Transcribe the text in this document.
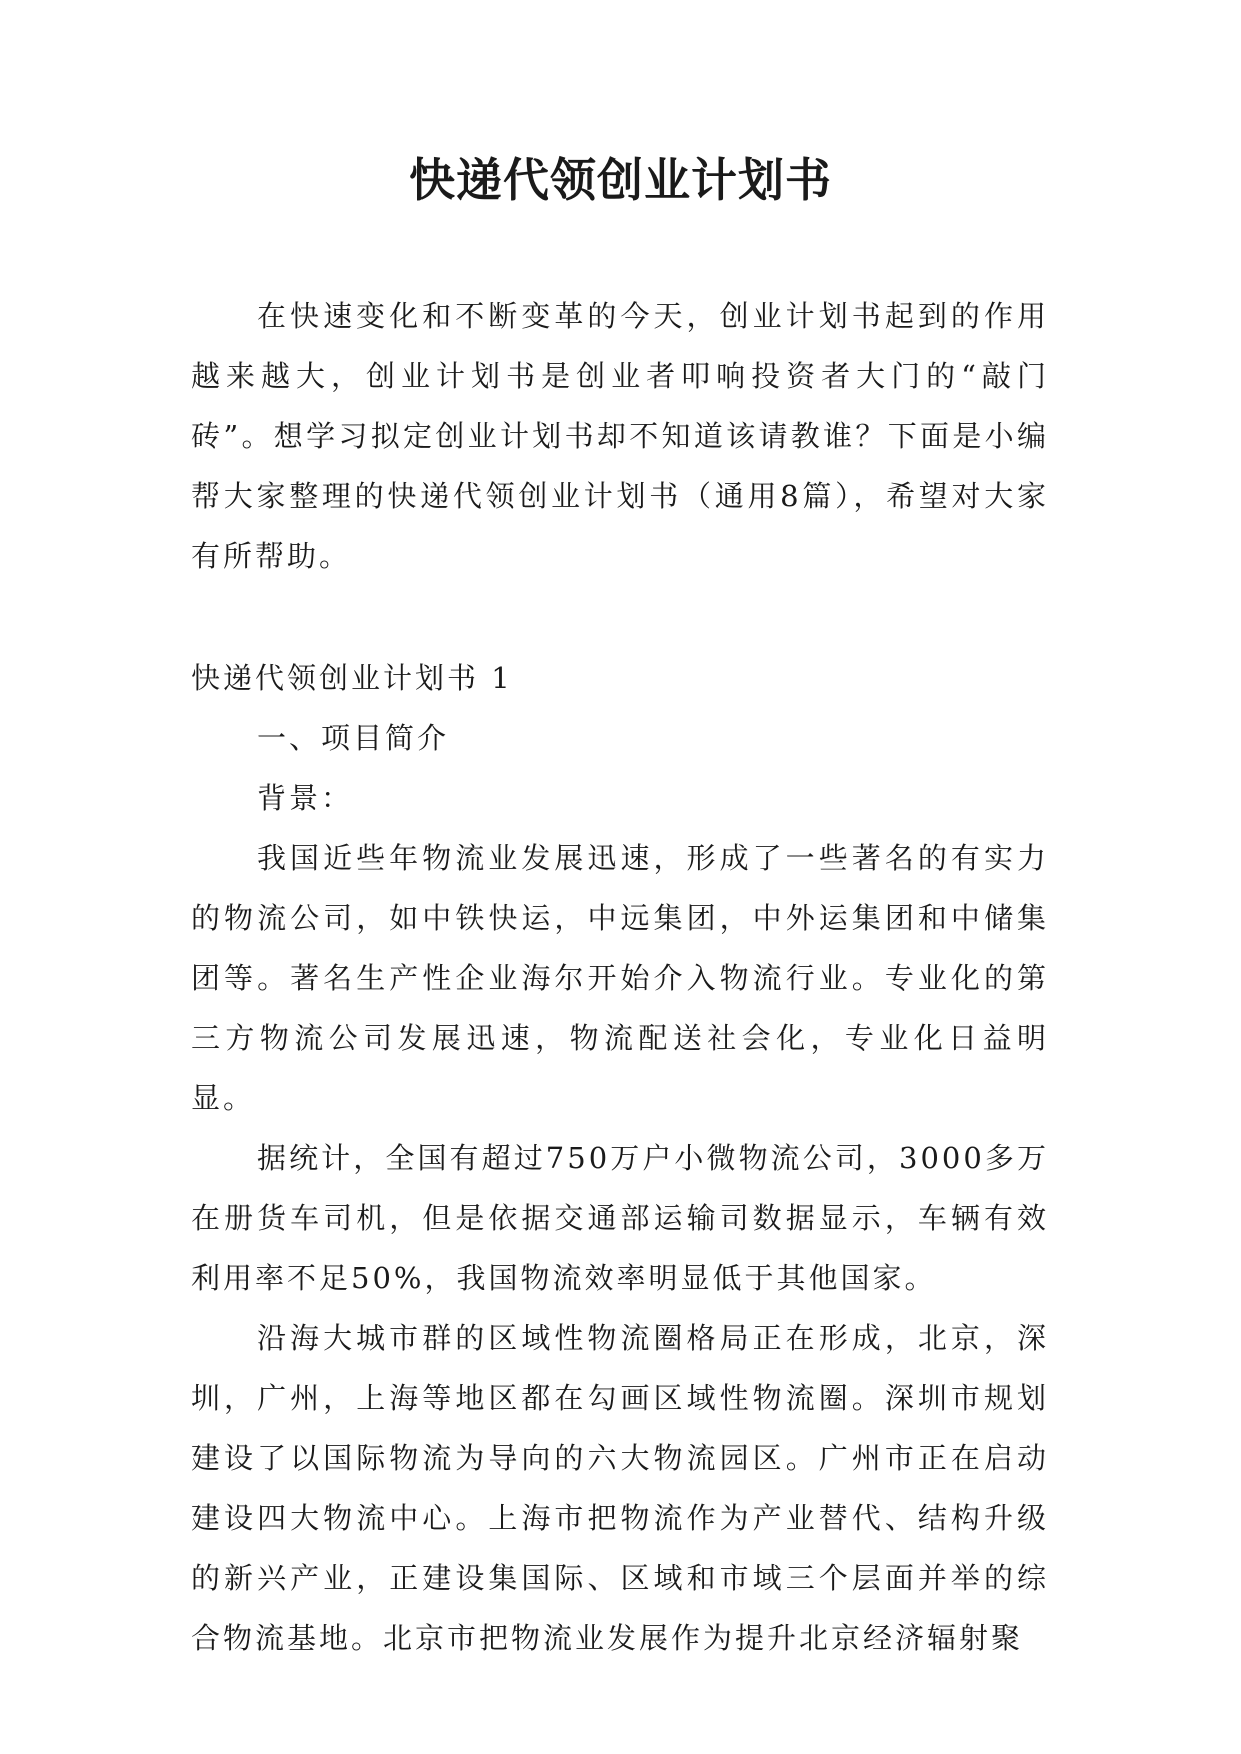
快递代领创业计划书

在快速变化和不断变革的今天，创业计划书起到的作用越来越大，创业计划书是创业者叩响投资者大门的“敲门砖”。想学习拟定创业计划书却不知道该请教谁？下面是小编帮大家整理的快递代领创业计划书（通用8篇），希望对大家有所帮助。

快递代领创业计划书 1

一、项目简介

背景：

我国近些年物流业发展迅速，形成了一些著名的有实力的物流公司，如中铁快运，中远集团，中外运集团和中储集团等。著名生产性企业海尔开始介入物流行业。专业化的第三方物流公司发展迅速，物流配送社会化，专业化日益明显。

据统计，全国有超过750万户小微物流公司，3000多万在册货车司机，但是依据交通部运输司数据显示，车辆有效利用率不足50%，我国物流效率明显低于其他国家。

沿海大城市群的区域性物流圈格局正在形成，北京，深圳，广州，上海等地区都在勾画区域性物流圈。深圳市规划建设了以国际物流为导向的六大物流园区。广州市正在启动建设四大物流中心。上海市把物流作为产业替代、结构升级的新兴产业，正建设集国际、区域和市域三个层面并举的综合物流基地。北京市把物流业发展作为提升北京经济辐射聚
